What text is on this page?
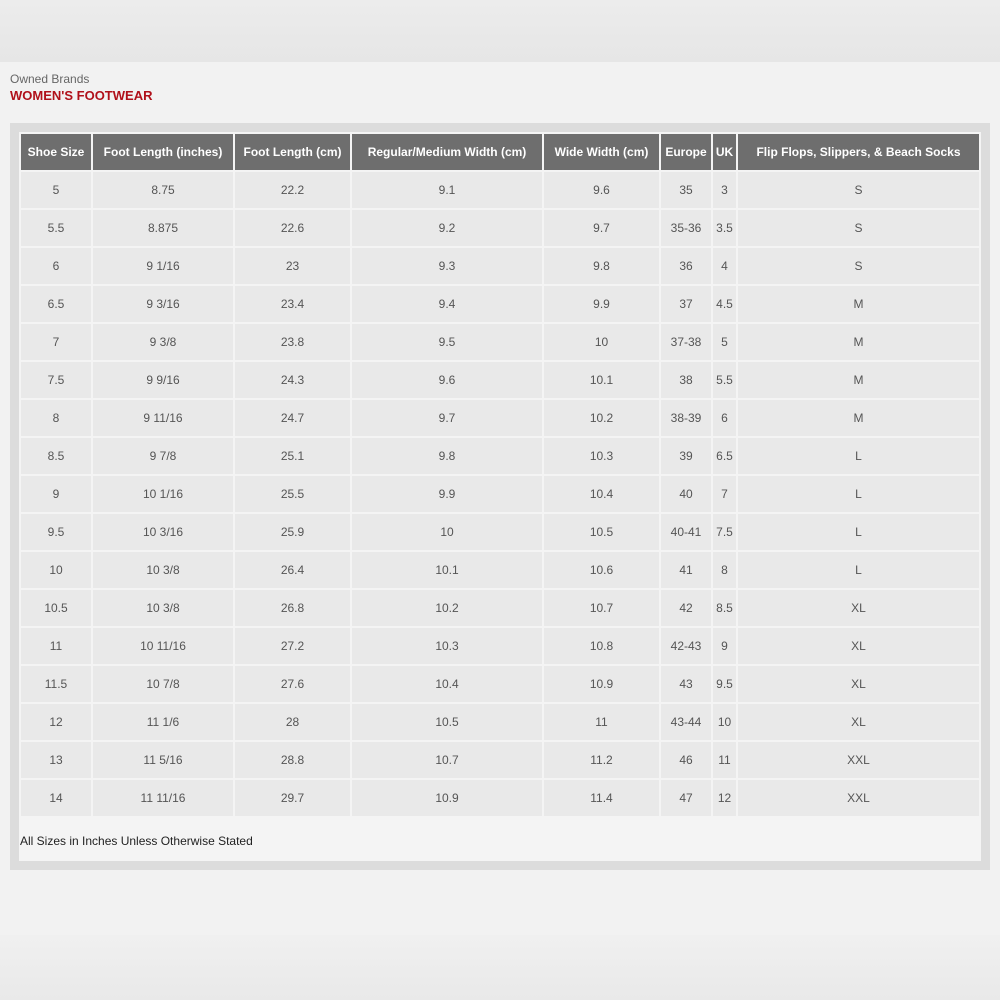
Owned Brands
WOMEN'S FOOTWEAR
Shoe Size	Foot Length (inches)	Foot Length (cm)	Regular/Medium Width (cm)	Wide Width (cm)	Europe	UK	Flip Flops, Slippers, & Beach Socks
5	8.75	22.2	9.1	9.6	35	3	S
5.5	8.875	22.6	9.2	9.7	35-36	3.5	S
6	9 1/16	23	9.3	9.8	36	4	S
6.5	9 3/16	23.4	9.4	9.9	37	4.5	M
7	9 3/8	23.8	9.5	10	37-38	5	M
7.5	9 9/16	24.3	9.6	10.1	38	5.5	M
8	9 11/16	24.7	9.7	10.2	38-39	6	M
8.5	9 7/8	25.1	9.8	10.3	39	6.5	L
9	10 1/16	25.5	9.9	10.4	40	7	L
9.5	10 3/16	25.9	10	10.5	40-41	7.5	L
10	10 3/8	26.4	10.1	10.6	41	8	L
10.5	10 3/8	26.8	10.2	10.7	42	8.5	XL
11	10 11/16	27.2	10.3	10.8	42-43	9	XL
11.5	10 7/8	27.6	10.4	10.9	43	9.5	XL
12	11 1/6	28	10.5	11	43-44	10	XL
13	11 5/16	28.8	10.7	11.2	46	11	XXL
14	11 11/16	29.7	10.9	11.4	47	12	XXL
All Sizes in Inches Unless Otherwise Stated
